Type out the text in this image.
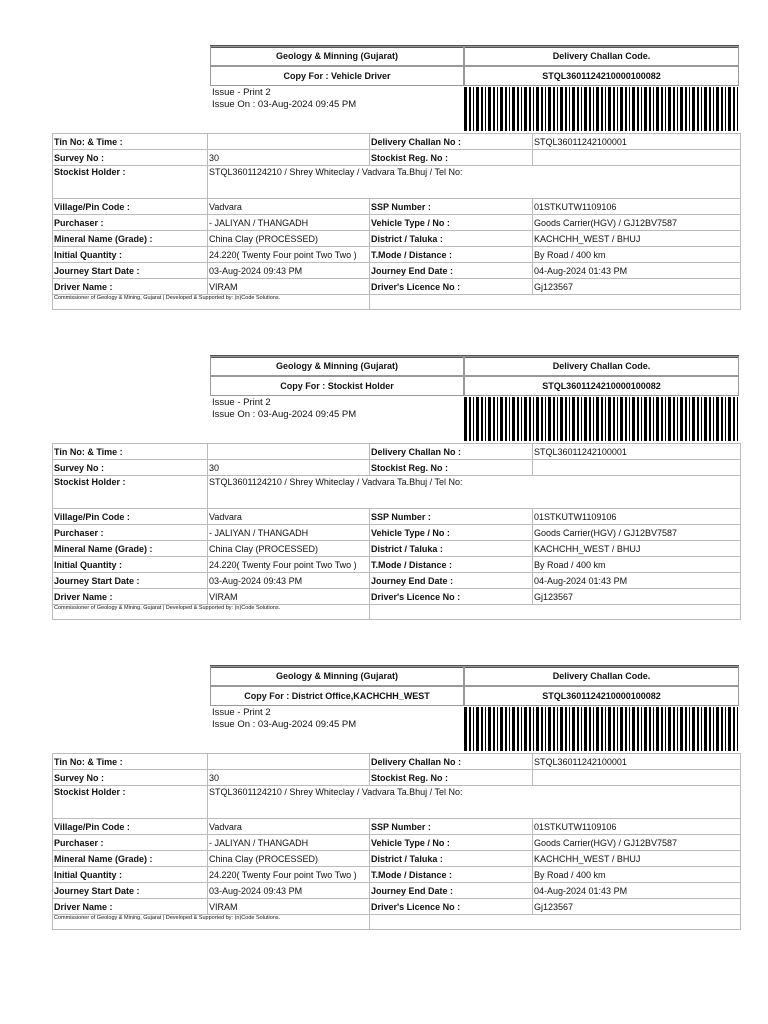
Geology & Minning (Gujarat)	Delivery Challan Code.
Copy For : Vehicle Driver	STQL3601124210000100082
Issue - Print 2
Issue On : 03-Aug-2024 09:45 PM
Tin No: & Time :		Delivery Challan No :	STQL36011242100001
Survey No :	30	Stockist Reg. No :	
Stockist Holder :	STQL3601124210 / Shrey Whiteclay / Vadvara Ta.Bhuj / Tel No:		
Village/Pin Code :	Vadvara	SSP Number :	01STKUTW1109106
Purchaser :	- JALIYAN / THANGADH	Vehicle Type / No :	Goods Carrier(HGV) / GJ12BV7587
Mineral Name (Grade) :	China Clay (PROCESSED)	District / Taluka :	KACHCHH_WEST / BHUJ
Initial Quantity :	24.220( Twenty Four point Two Two )	T.Mode / Distance :	By Road / 400 km
Journey Start Date :	03-Aug-2024 09:43 PM	Journey End Date :	04-Aug-2024 01:43 PM
Driver Name :	VIRAM	Driver's Licence No :	Gj123567
Commissioner of Geology & Mining, Gujarat | Developed & Supported by: (n)Code Solutions.			
Geology & Minning (Gujarat)	Delivery Challan Code.
Copy For : Stockist Holder	STQL3601124210000100082
Issue - Print 2
Issue On : 03-Aug-2024 09:45 PM
Tin No: & Time :		Delivery Challan No :	STQL36011242100001
Survey No :	30	Stockist Reg. No :	
Stockist Holder :	STQL3601124210 / Shrey Whiteclay / Vadvara Ta.Bhuj / Tel No:		
Village/Pin Code :	Vadvara	SSP Number :	01STKUTW1109106
Purchaser :	- JALIYAN / THANGADH	Vehicle Type / No :	Goods Carrier(HGV) / GJ12BV7587
Mineral Name (Grade) :	China Clay (PROCESSED)	District / Taluka :	KACHCHH_WEST / BHUJ
Initial Quantity :	24.220( Twenty Four point Two Two )	T.Mode / Distance :	By Road / 400 km
Journey Start Date :	03-Aug-2024 09:43 PM	Journey End Date :	04-Aug-2024 01:43 PM
Driver Name :	VIRAM	Driver's Licence No :	Gj123567
Commissioner of Geology & Mining, Gujarat | Developed & Supported by: (n)Code Solutions.			
Geology & Minning (Gujarat)	Delivery Challan Code.
Copy For : District Office,KACHCHH_WEST	STQL3601124210000100082
Issue - Print 2
Issue On : 03-Aug-2024 09:45 PM
Tin No: & Time :		Delivery Challan No :	STQL36011242100001
Survey No :	30	Stockist Reg. No :	
Stockist Holder :	STQL3601124210 / Shrey Whiteclay / Vadvara Ta.Bhuj / Tel No:		
Village/Pin Code :	Vadvara	SSP Number :	01STKUTW1109106
Purchaser :	- JALIYAN / THANGADH	Vehicle Type / No :	Goods Carrier(HGV) / GJ12BV7587
Mineral Name (Grade) :	China Clay (PROCESSED)	District / Taluka :	KACHCHH_WEST / BHUJ
Initial Quantity :	24.220( Twenty Four point Two Two )	T.Mode / Distance :	By Road / 400 km
Journey Start Date :	03-Aug-2024 09:43 PM	Journey End Date :	04-Aug-2024 01:43 PM
Driver Name :	VIRAM	Driver's Licence No :	Gj123567
Commissioner of Geology & Mining, Gujarat | Developed & Supported by: (n)Code Solutions.			
